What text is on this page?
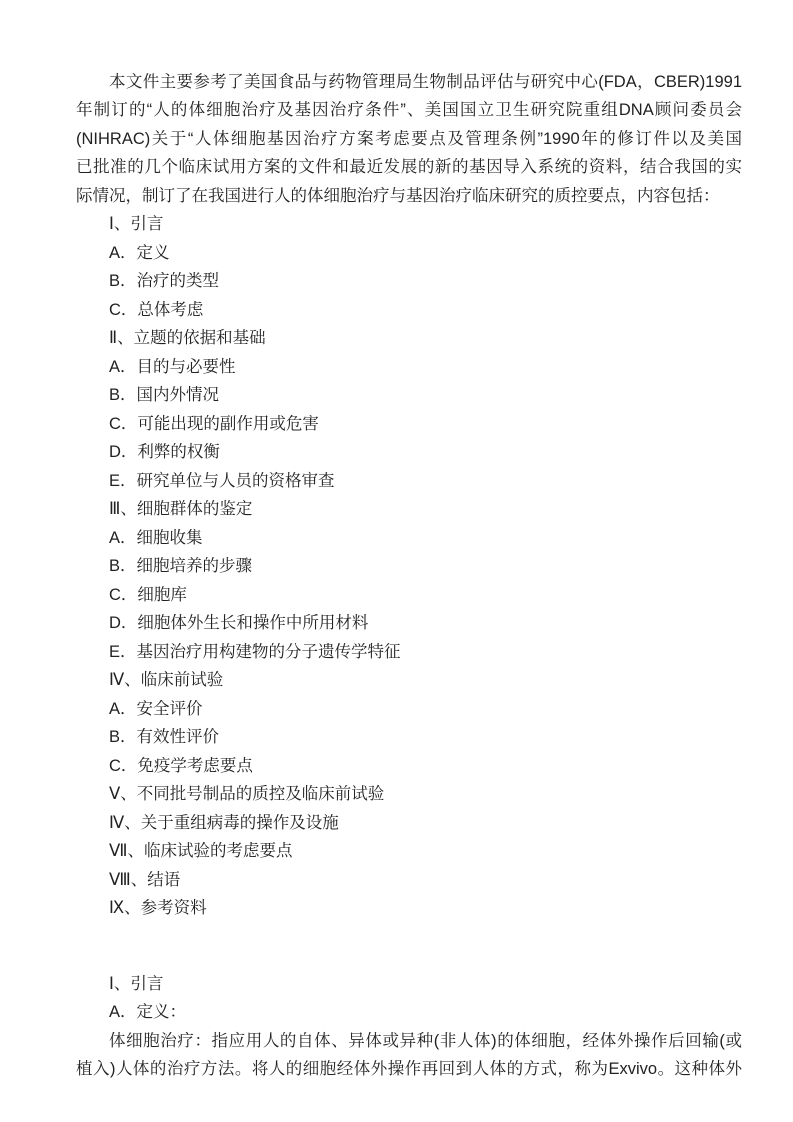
本文件主要参考了美国食品与药物管理局生物制品评估与研究中心(FDA，CBER)1991
年制订的“人的体细胞治疗及基因治疗条件”、美国国立卫生研究院重组DNA顾问委员会
(NIHRAC)关于“人体细胞基因治疗方案考虑要点及管理条例”1990年的修订件以及美国
已批准的几个临床试用方案的文件和最近发展的新的基因导入系统的资料，结合我国的实
际情况，制订了在我国进行人的体细胞治疗与基因治疗临床研究的质控要点，内容包括：
Ⅰ、引言
A．定义
B．治疗的类型
C．总体考虑
Ⅱ、立题的依据和基础
A．目的与必要性
B．国内外情况
C．可能出现的副作用或危害
D．利弊的权衡
E．研究单位与人员的资格审查
Ⅲ、细胞群体的鉴定
A．细胞收集
B．细胞培养的步骤
C．细胞库
D．细胞体外生长和操作中所用材料
E．基因治疗用构建物的分子遗传学特征
Ⅳ、临床前试验
A．安全评价
B．有效性评价
C．免疫学考虑要点
Ⅴ、不同批号制品的质控及临床前试验
Ⅳ、关于重组病毒的操作及设施
Ⅶ、临床试验的考虑要点
Ⅷ、结语
Ⅸ、参考资料
Ⅰ、引言
A．定义：
体细胞治疗：指应用人的自体、异体或异种(非人体)的体细胞，经体外操作后回输(或
植入)人体的治疗方法。将人的细胞经体外操作再回到人体的方式，称为Exvivo。这种体外
